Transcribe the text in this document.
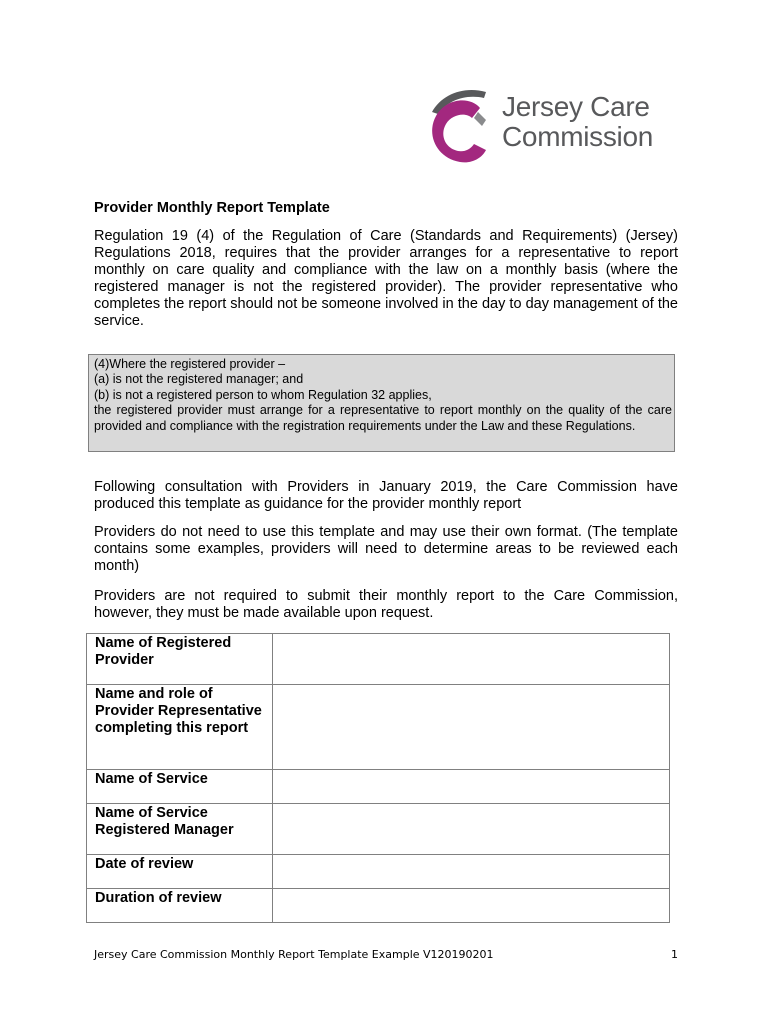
Jersey Care
Commission
Provider Monthly Report Template

Regulation 19 (4) of the Regulation of Care (Standards and Requirements) (Jersey) Regulations 2018, requires that the provider arranges for a representative to report monthly on care quality and compliance with the law on a monthly basis (where the registered manager is not the registered provider). The provider representative who completes the report should not be someone involved in the day to day management of the service.

(4)Where the registered provider –
(a) is not the registered manager; and
(b) is not a registered person to whom Regulation 32 applies,
the registered provider must arrange for a representative to report monthly on the quality of the care provided and compliance with the registration requirements under the Law and these Regulations.

Following consultation with Providers in January 2019, the Care Commission have produced this template as guidance for the provider monthly report

Providers do not need to use this template and may use their own format. (The template contains some examples, providers will need to determine areas to be reviewed each month)

Providers are not required to submit their monthly report to the Care Commission, however, they must be made available upon request.

Name of Registered Provider	

Name and role of Provider Representative completing this report	

Name of Service	

Name of Service Registered Manager	

Date of review	

Duration of review	

Jersey Care Commission Monthly Report Template Example V120190201	1
